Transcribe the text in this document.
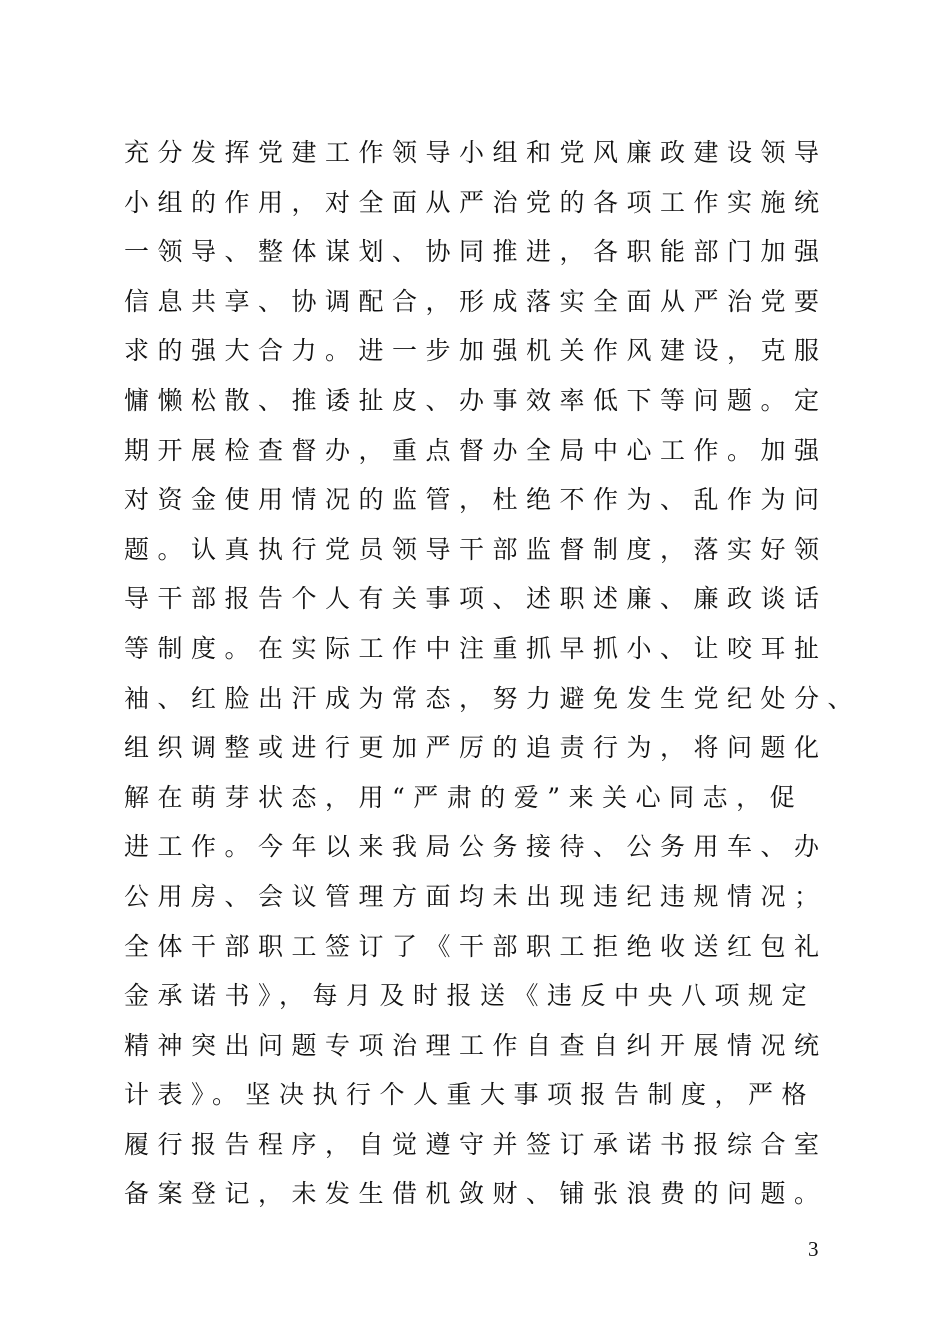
充分发挥党建工作领导小组和党风廉政建设领导
小组的作用，对全面从严治党的各项工作实施统
一领导、整体谋划、协同推进，各职能部门加强
信息共享、协调配合，形成落实全面从严治党要
求的强大合力。进一步加强机关作风建设，克服
慵懒松散、推诿扯皮、办事效率低下等问题。定
期开展检查督办，重点督办全局中心工作。加强
对资金使用情况的监管，杜绝不作为、乱作为问
题。认真执行党员领导干部监督制度，落实好领
导干部报告个人有关事项、述职述廉、廉政谈话
等制度。在实际工作中注重抓早抓小、让咬耳扯
袖、红脸出汗成为常态，努力避免发生党纪处分、
组织调整或进行更加严厉的追责行为，将问题化
解在萌芽状态，用“严肃的爱”来关心同志，促
进工作。今年以来我局公务接待、公务用车、办
公用房、会议管理方面均未出现违纪违规情况；
全体干部职工签订了《干部职工拒绝收送红包礼
金承诺书》，每月及时报送《违反中央八项规定
精神突出问题专项治理工作自查自纠开展情况统
计表》。坚决执行个人重大事项报告制度，严格
履行报告程序，自觉遵守并签订承诺书报综合室
备案登记，未发生借机敛财、铺张浪费的问题。
3
